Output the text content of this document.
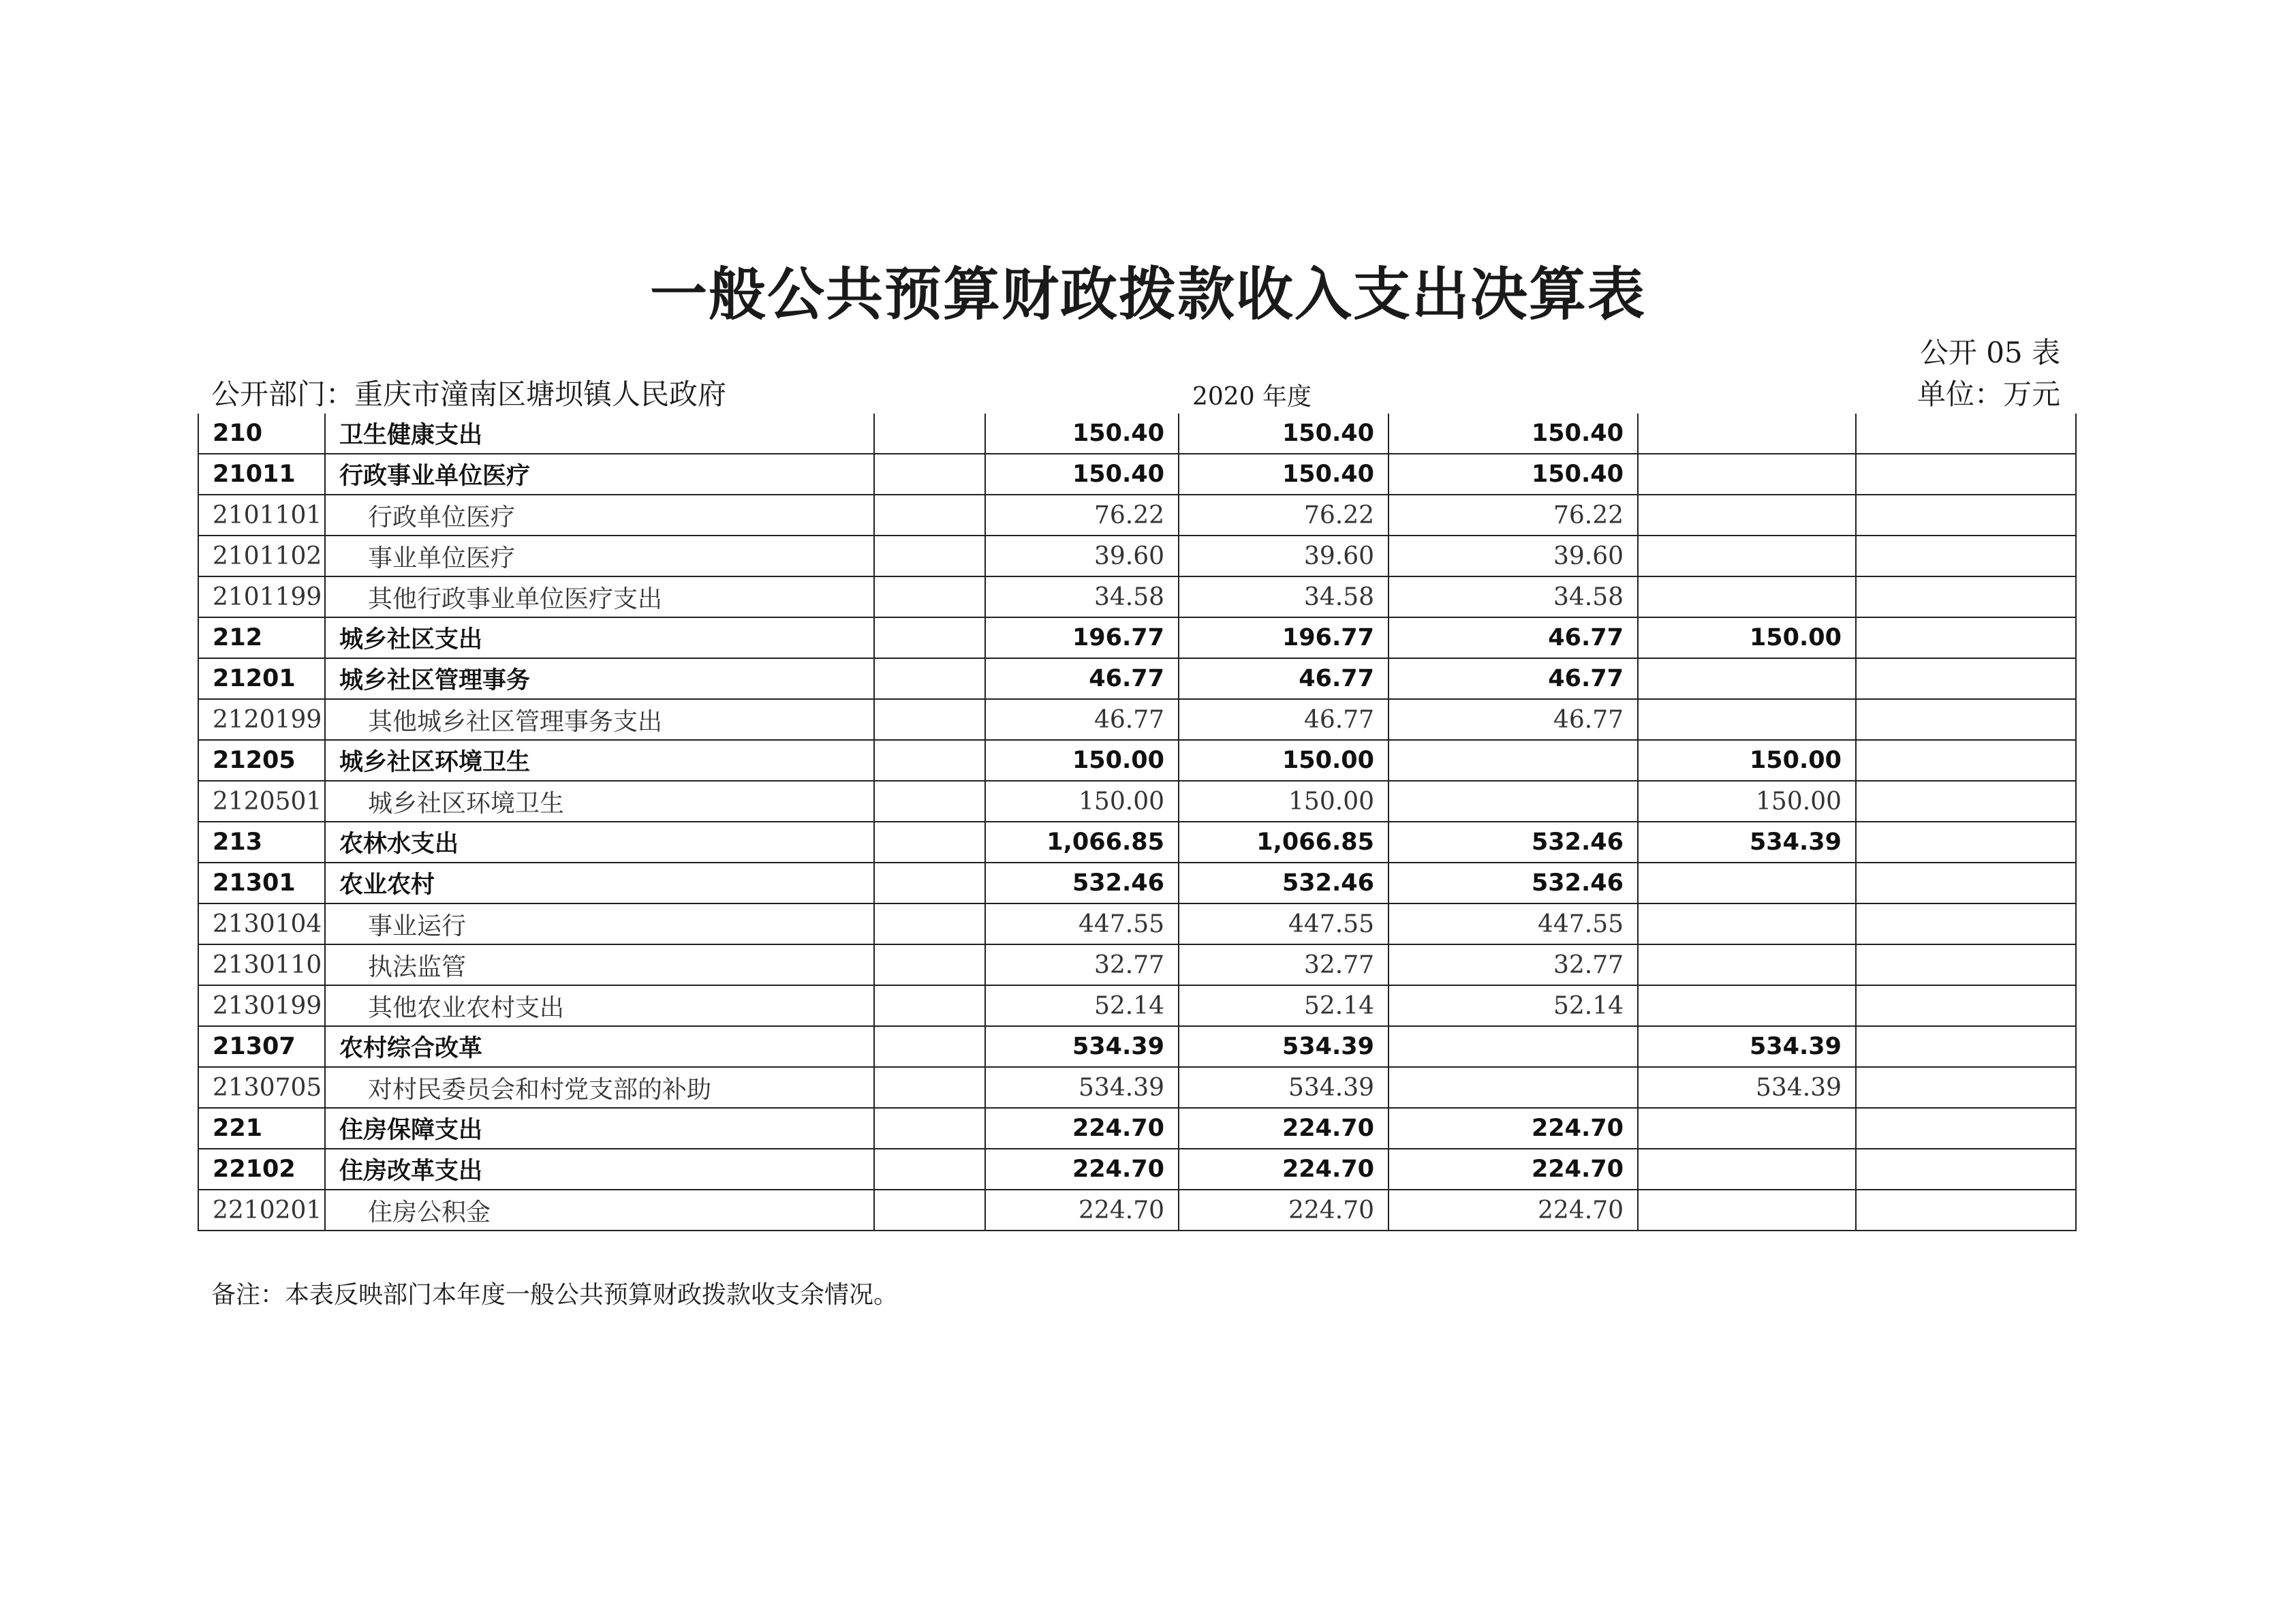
一般公共预算财政拨款收入支出决算表
公开 05 表
公开部门：重庆市潼南区塘坝镇人民政府	2020 年度	单位：万元
210	卫生健康支出		150.40	150.40	150.40		
21011	行政事业单位医疗		150.40	150.40	150.40		
2101101	行政单位医疗		76.22	76.22	76.22		
2101102	事业单位医疗		39.60	39.60	39.60		
2101199	其他行政事业单位医疗支出		34.58	34.58	34.58		
212	城乡社区支出		196.77	196.77	46.77	150.00	
21201	城乡社区管理事务		46.77	46.77	46.77		
2120199	其他城乡社区管理事务支出		46.77	46.77	46.77		
21205	城乡社区环境卫生		150.00	150.00		150.00	
2120501	城乡社区环境卫生		150.00	150.00		150.00	
213	农林水支出		1,066.85	1,066.85	532.46	534.39	
21301	农业农村		532.46	532.46	532.46		
2130104	事业运行		447.55	447.55	447.55		
2130110	执法监管		32.77	32.77	32.77		
2130199	其他农业农村支出		52.14	52.14	52.14		
21307	农村综合改革		534.39	534.39		534.39	
2130705	对村民委员会和村党支部的补助		534.39	534.39		534.39	
221	住房保障支出		224.70	224.70	224.70		
22102	住房改革支出		224.70	224.70	224.70		
2210201	住房公积金		224.70	224.70	224.70		
备注：本表反映部门本年度一般公共预算财政拨款收支余情况。
